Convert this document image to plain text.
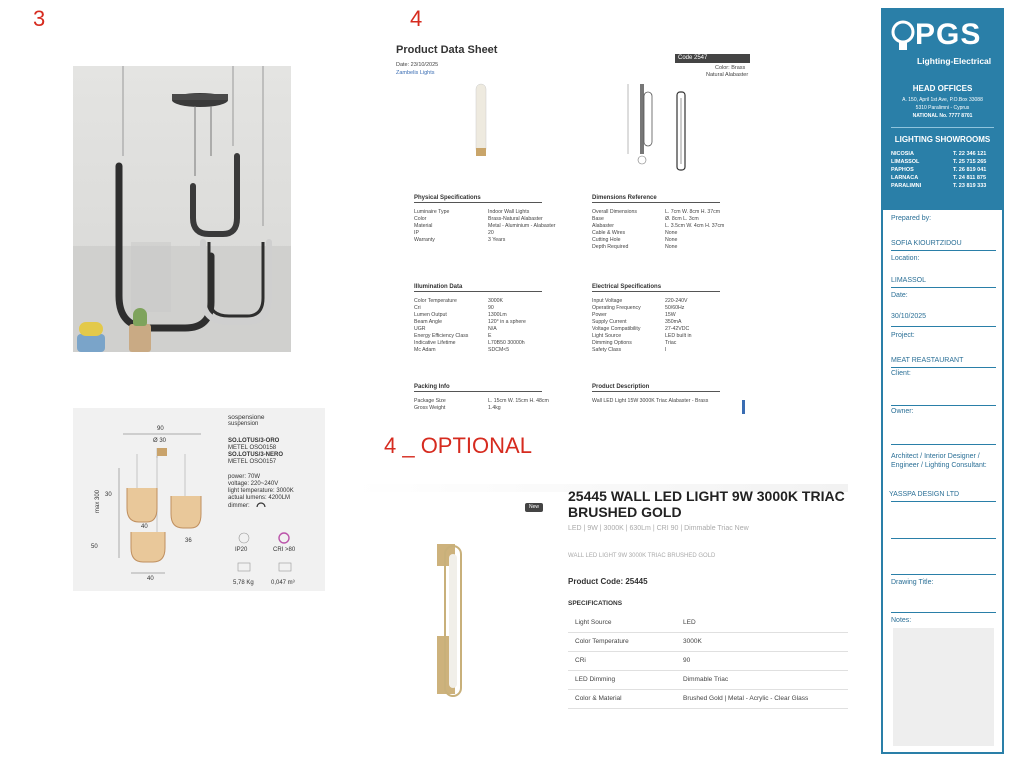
3	4
4 _ OPTIONAL
sospensione
suspension
90
Ø 30
max 300 30
40
36
50
40
SO.LOTUS/3-ORO
METEL OSO0158
SO.LOTUS/3-NERO
METEL OSO0157
power: 70W
voltage: 220~240V
light temperature: 3000K
actual lumens: 4200LM
dimmer:
IP20	CRI >80
5,78 Kg	0,047 m³
Product Data Sheet
Date: 23/10/2025
Zambelis Lights
Code 2547
Color: Brass
Natural Alabaster
Physical Specifications
Luminaire Type	Indoor Wall Lights
Color	Brass-Natural Alabaster
Material	Metal - Aluminium - Alabaster
IP	20
Warranty	3 Years
Dimensions Reference
Overall Dimensions	L. 7cm W. 8cm H. 37cm
Base	Ø. 8cm L. 3cm
Alabaster	L. 3.5cm W. 4cm H. 37cm
Cable & Wires	None
Cutting Hole	None
Depth Required	None
Illumination Data
Color Temperature	3000K
Cri	90
Lumen Output	1300Lm
Beam Angle	120° in a sphere
UGR	N/A
Energy Efficiency Class	E
Indicative Lifetime	L70B50 30000h
Mc Adam	SDCM<5
Electrical Specifications
Input Voltage	220-240V
Operating Frequency	50/60Hz
Power	15W
Supply Current	350mA
Voltage Compatibility	27-42VDC
Light Source	LED built in
Dimming Options	Triac
Safety Class	I
Packing Info
Package Size	L. 15cm W. 15cm H. 48cm
Gross Weight	1.4kg
Product Description
Wall LED Light 15W 3000K Triac Alabaster - Brass
New
25445 WALL LED LIGHT 9W 3000K TRIAC BRUSHED GOLD
LED | 9W | 3000K | 630Lm | CRI 90 | Dimmable Triac New
WALL LED LIGHT 9W 3000K TRIAC BRUSHED GOLD
Product Code: 25445
SPECIFICATIONS
Light Source	LED
Color Temperature	3000K
CRi	90
LED Dimming	Dimmable Triac
Color & Material	Brushed Gold | Metal - Acrylic - Clear Glass
PGS
Lighting-Electrical
HEAD OFFICES
A. 150, April 1st Ave, P.O.Box 33088
5310 Paralimni - Cyprus
NATIONAL No. 7777 8701
LIGHTING SHOWROOMS
NICOSIA	T. 22 346 121
LIMASSOL	T. 25 715 265
PAPHOS	T. 26 819 041
LARNACA	T. 24 811 875
PARALIMNI	T. 23 819 333
Prepared by:
SOFIA KIOURTZIDOU
Location:
LIMASSOL
Date:
30/10/2025
Project:
MEAT REASTAURANT
Client:
Owner:
Architect / Interior Designer / Engineer / Lighting Consultant:
YASSPA DESIGN LTD
Drawing Title:
Notes:
